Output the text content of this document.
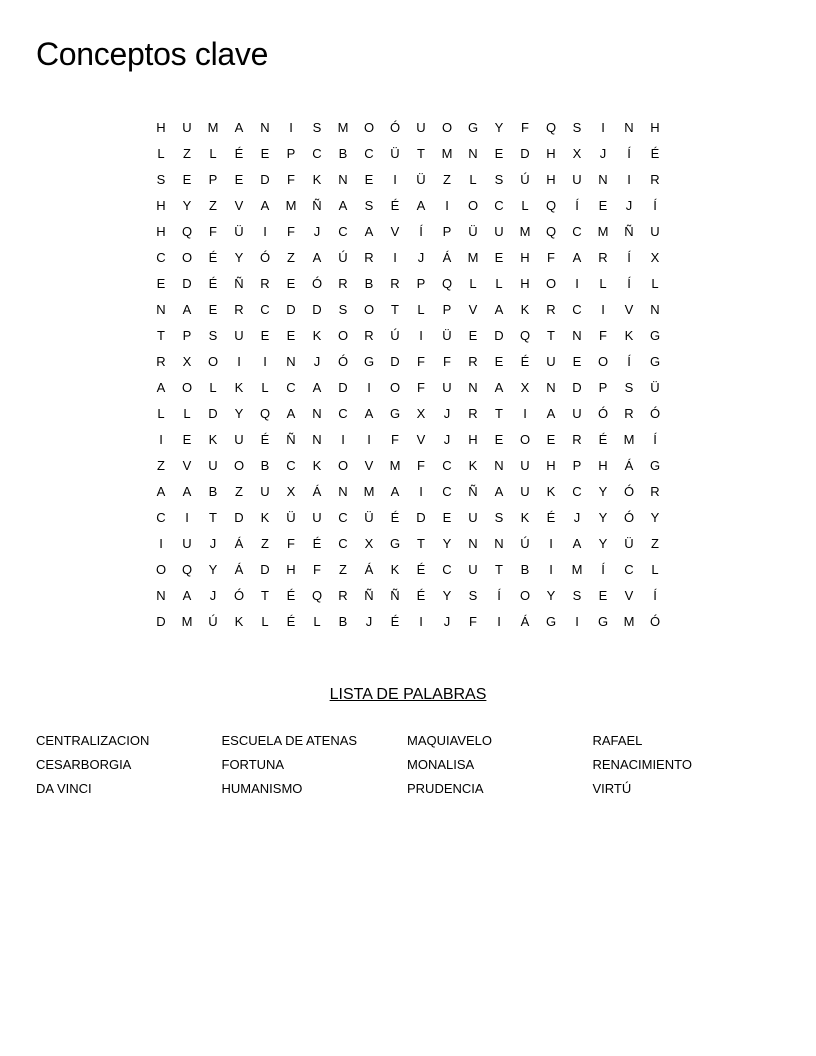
Conceptos clave
H	U	M	A	N	I	S	M	O	Ó	U	O	G	Y	F	Q	S	I	N	H
L	Z	L	É	E	P	C	B	C	Ü	T	M	N	E	D	H	X	J	Í	É
S	E	P	E	D	F	K	N	E	I	Ü	Z	L	S	Ú	H	U	N	I	R
H	Y	Z	V	A	M	Ñ	A	S	É	A	I	O	C	L	Q	Í	E	J	Í
H	Q	F	Ü	I	F	J	C	A	V	Í	P	Ü	U	M	Q	C	M	Ñ	U
C	O	É	Y	Ó	Z	A	Ú	R	I	J	Á	M	E	H	F	A	R	Í	X
E	D	É	Ñ	R	E	Ó	R	B	R	P	Q	L	L	H	O	I	L	Í	L
N	A	E	R	C	D	D	S	O	T	L	P	V	A	K	R	C	I	V	N
T	P	S	U	E	E	K	O	R	Ú	I	Ü	E	D	Q	T	N	F	K	G
R	X	O	I	I	N	J	Ó	G	D	F	F	R	E	É	U	E	O	Í	G
A	O	L	K	L	C	A	D	I	O	F	U	N	A	X	N	D	P	S	Ü
L	L	D	Y	Q	A	N	C	A	G	X	J	R	T	I	A	U	Ó	R	Ó
I	E	K	U	É	Ñ	N	I	I	F	V	J	H	E	O	E	R	É	M	Í
Z	V	U	O	B	C	K	O	V	M	F	C	K	N	U	H	P	H	Á	G
A	A	B	Z	U	X	Á	N	M	A	I	C	Ñ	A	U	K	C	Y	Ó	R
C	I	T	D	K	Ü	U	C	Ü	É	D	E	U	S	K	É	J	Y	Ó	Y
I	U	J	Á	Z	F	É	C	X	G	T	Y	N	N	Ú	I	A	Y	Ü	Z
O	Q	Y	Á	D	H	F	Z	Á	K	É	C	U	T	B	I	M	Í	C	L
N	A	J	Ó	T	É	Q	R	Ñ	Ñ	É	Y	S	Í	O	Y	S	E	V	Í
D	M	Ú	K	L	É	L	B	J	É	I	J	F	I	Á	G	I	G	M	Ó
LISTA DE PALABRAS
CENTRALIZACION	ESCUELA DE ATENAS	MAQUIAVELO	RAFAEL
CESARBORGIA	FORTUNA	MONALISA	RENACIMIENTO
DA VINCI	HUMANISMO	PRUDENCIA	VIRTÚ
